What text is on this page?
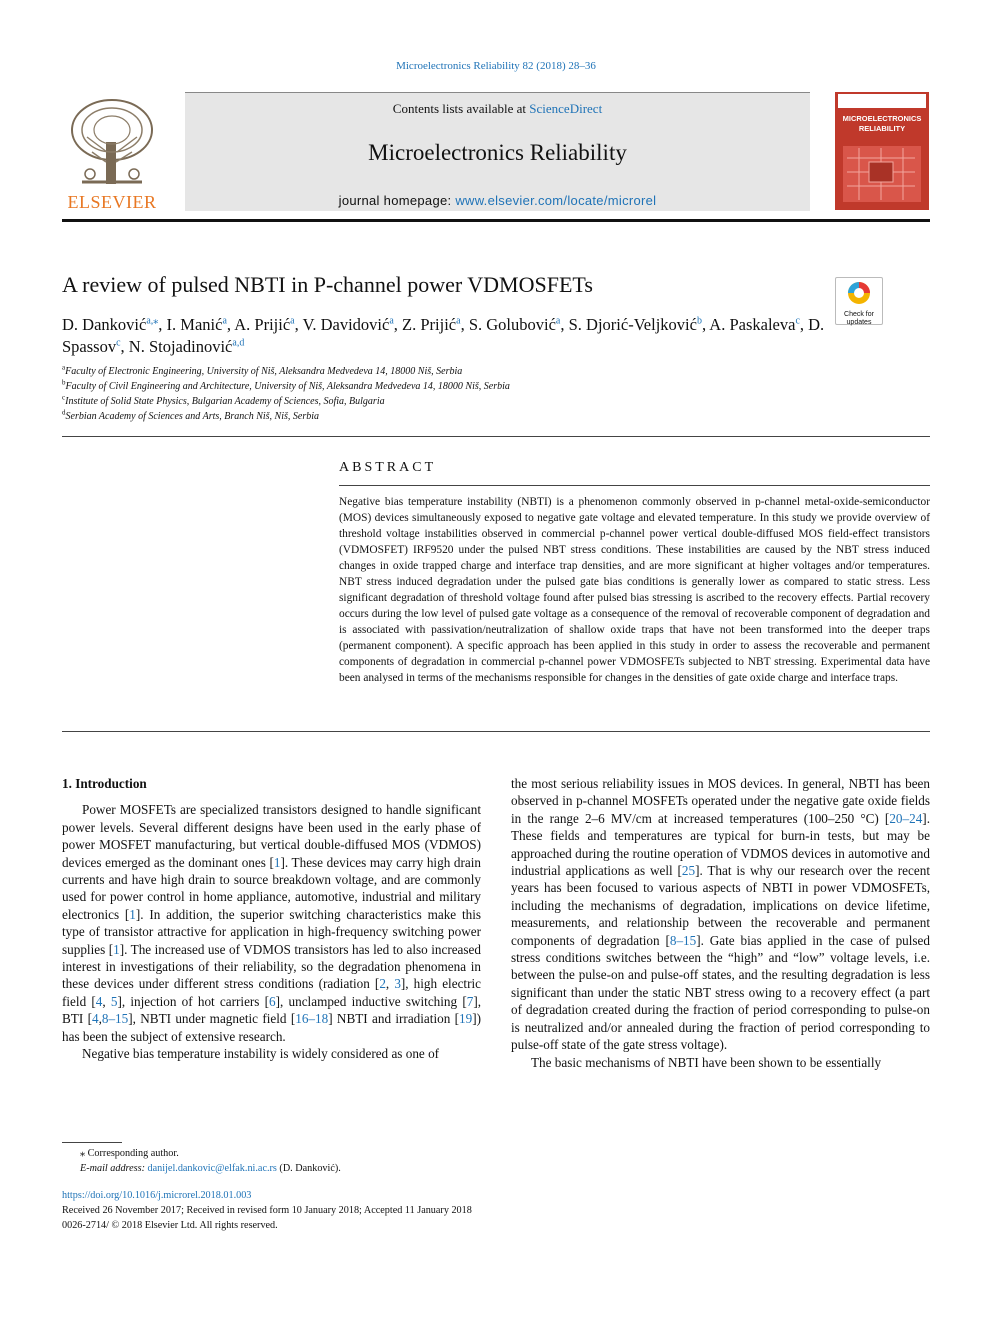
Microelectronics Reliability 82 (2018) 28–36
ELSEVIER
Contents lists available at ScienceDirect
Microelectronics Reliability
journal homepage: www.elsevier.com/locate/microrel
MICROELECTRONICS
RELIABILITY
A review of pulsed NBTI in P-channel power VDMOSFETs
Check for
updates
D. Danković$^{a,⁎}$, I. Manić$^a$, A. Prijić$^a$, V. Davidović$^a$, Z. Prijić$^a$, S. Golubović$^a$, S. Djorić-Veljković$^b$, A. Paskaleva$^c$, D. Spassov$^c$, N. Stojadinović$^{a,d}$
$^a$Faculty of Electronic Engineering, University of Niš, Aleksandra Medvedeva 14, 18000 Niš, Serbia
$^b$Faculty of Civil Engineering and Architecture, University of Niš, Aleksandra Medvedeva 14, 18000 Niš, Serbia
$^c$Institute of Solid State Physics, Bulgarian Academy of Sciences, Sofia, Bulgaria
$^d$Serbian Academy of Sciences and Arts, Branch Niš, Niš, Serbia
ABSTRACT
Negative bias temperature instability (NBTI) is a phenomenon commonly observed in p-channel metal-oxide-semiconductor (MOS) devices simultaneously exposed to negative gate voltage and elevated temperature. In this study we provide overview of threshold voltage instabilities observed in commercial p-channel power vertical double-diffused MOS field-effect transistors (VDMOSFET) IRF9520 under the pulsed NBT stress conditions. These instabilities are caused by the NBT stress induced changes in oxide trapped charge and interface trap densities, and are more significant at higher voltages and/or temperatures. NBT stress induced degradation under the pulsed gate bias conditions is generally lower as compared to static stress. Less significant degradation of threshold voltage found after pulsed bias stressing is ascribed to the recovery effects. Partial recovery occurs during the low level of pulsed gate voltage as a consequence of the removal of recoverable component of degradation and is associated with passivation/neutralization of shallow oxide traps that have not been transformed into the deeper traps (permanent component). A specific approach has been applied in this study in order to assess the recoverable and permanent components of degradation in commercial p-channel power VDMOSFETs subjected to NBT stressing. Experimental data have been analysed in terms of the mechanisms responsible for changes in the densities of gate oxide charge and interface traps.

1. Introduction

Power MOSFETs are specialized transistors designed to handle significant power levels. Several different designs have been used in the early phase of power MOSFET manufacturing, but vertical double-diffused MOS (VDMOS) devices emerged as the dominant ones [1]. These devices may carry high drain currents and have high drain to source breakdown voltage, and are commonly used for power control in home appliance, automotive, industrial and military electronics [1]. In addition, the superior switching characteristics make this type of transistor attractive for application in high-frequency switching power supplies [1]. The increased use of VDMOS transistors has led to also increased interest in investigations of their reliability, so the degradation phenomena in these devices under different stress conditions (radiation [2, 3], high electric field [4, 5], injection of hot carriers [6], unclamped inductive switching [7], BTI [4,8–15], NBTI under magnetic field [16–18] NBTI and irradiation [19]) has been the subject of extensive research.

Negative bias temperature instability is widely considered as one of

the most serious reliability issues in MOS devices. In general, NBTI has been observed in p-channel MOSFETs operated under the negative gate oxide fields in the range 2–6 MV/cm at increased temperatures (100–250 °C) [20–24]. These fields and temperatures are typical for burn-in tests, but may be approached during the routine operation of VDMOS devices in automotive and industrial applications as well [25]. That is why our research over the recent years has been focused to various aspects of NBTI in power VDMOSFETs, including the mechanisms of degradation, implications on device lifetime, measurements, and relationship between the recoverable and permanent components of degradation [8–15]. Gate bias applied in the case of pulsed stress conditions switches between the “high” and “low” voltage levels, i.e. between the pulse-on and pulse-off states, and the resulting degradation is less significant than under the static NBT stress owing to a recovery effect (a part of degradation created during the fraction of period corresponding to pulse-on is neutralized and/or annealed during the fraction of period corresponding to pulse-off state of the gate stress voltage).

The basic mechanisms of NBTI have been shown to be essentially

⁎ Corresponding author.
E-mail address: danijel.dankovic@elfak.ni.ac.rs (D. Danković).
https://doi.org/10.1016/j.microrel.2018.01.003
Received 26 November 2017; Received in revised form 10 January 2018; Accepted 11 January 2018
0026-2714/ © 2018 Elsevier Ltd. All rights reserved.
